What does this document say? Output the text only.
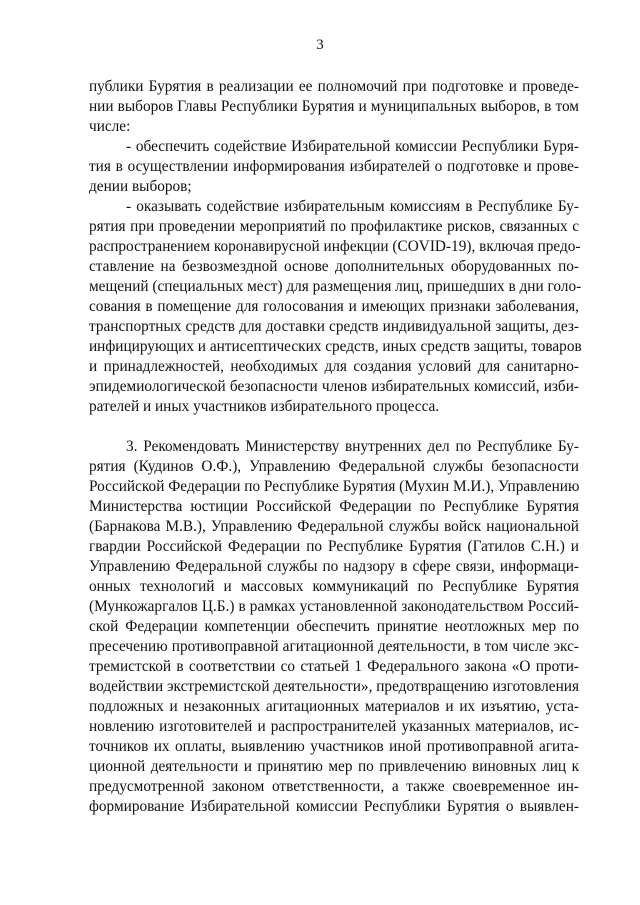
3
публики Бурятия в реализации ее полномочий при подготовке и проведе-
нии выборов Главы Республики Бурятия и муниципальных выборов, в том
числе:
- обеспечить содействие Избирательной комиссии Республики Буря-
тия в осуществлении информирования избирателей о подготовке и прове-
дении выборов;
- оказывать содействие избирательным комиссиям в Республике Бу-
рятия при проведении мероприятий по профилактике рисков, связанных с
распространением коронавирусной инфекции (COVID-19), включая предо-
ставление на безвозмездной основе дополнительных оборудованных по-
мещений (специальных мест) для размещения лиц, пришедших в дни голо-
сования в помещение для голосования и имеющих признаки заболевания,
транспортных средств для доставки средств индивидуальной защиты, дез-
инфицирующих и антисептических средств, иных средств защиты, товаров
и принадлежностей, необходимых для создания условий для санитарно-
эпидемиологической безопасности членов избирательных комиссий, изби-
рателей и иных участников избирательного процесса.
3. Рекомендовать Министерству внутренних дел по Республике Бу-
рятия (Кудинов О.Ф.), Управлению Федеральной службы безопасности
Российской Федерации по Республике Бурятия (Мухин М.И.), Управлению
Министерства юстиции Российской Федерации по Республике Бурятия
(Барнакова М.В.), Управлению Федеральной службы войск национальной
гвардии Российской Федерации по Республике Бурятия (Гатилов С.Н.) и
Управлению Федеральной службы по надзору в сфере связи, информаци-
онных технологий и массовых коммуникаций по Республике Бурятия
(Мункожаргалов Ц.Б.) в рамках установленной законодательством Россий-
ской Федерации компетенции обеспечить принятие неотложных мер по
пресечению противоправной агитационной деятельности, в том числе экс-
тремистской в соответствии со статьей 1 Федерального закона «О проти-
водействии экстремистской деятельности», предотвращению изготовления
подложных и незаконных агитационных материалов и их изъятию, уста-
новлению изготовителей и распространителей указанных материалов, ис-
точников их оплаты, выявлению участников иной противоправной агита-
ционной деятельности и принятию мер по привлечению виновных лиц к
предусмотренной законом ответственности, а также своевременное ин-
формирование Избирательной комиссии Республики Бурятия о выявлен-
